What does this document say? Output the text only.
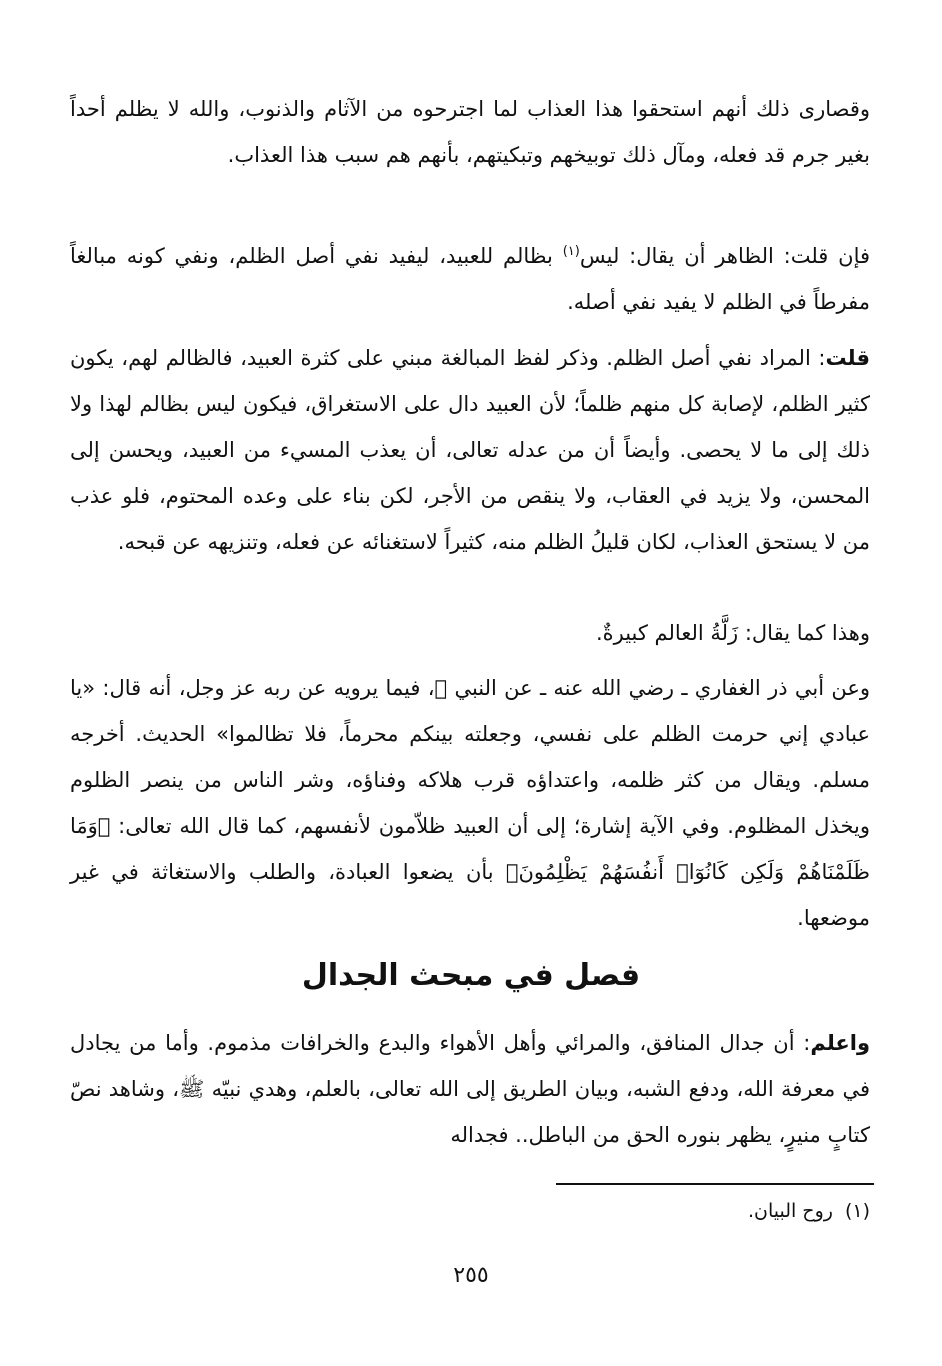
وقصارى ذلك أنهم استحقوا هذا العذاب لما اجترحوه من الآثام والذنوب، والله لا يظلم أحداً بغير جرم قد فعله، ومآل ذلك توبيخهم وتبكيتهم، بأنهم هم سبب هذا العذاب.

فإن قلت: الظاهر أن يقال: ليس$^{(١)}$ بظالم للعبيد، ليفيد نفي أصل الظلم، ونفي كونه مبالغاً مفرطاً في الظلم لا يفيد نفي أصله.

قلت: المراد نفي أصل الظلم. وذكر لفظ المبالغة مبني على كثرة العبيد، فالظالم لهم، يكون كثير الظلم، لإصابة كل منهم ظلماً؛ لأن العبيد دال على الاستغراق، فيكون ليس بظالم لهذا ولا ذلك إلى ما لا يحصى. وأيضاً أن من عدله تعالى، أن يعذب المسيء من العبيد، ويحسن إلى المحسن، ولا يزيد في العقاب، ولا ينقص من الأجر، لكن بناء على وعده المحتوم، فلو عذب من لا يستحق العذاب، لكان قليلُ الظلم منه، كثيراً لاستغنائه عن فعله، وتنزيهه عن قبحه.

وهذا كما يقال: زَلَّةُ العالم كبيرةٌ.

وعن أبي ذر الغفاري ـ رضي الله عنه ـ عن النبي ﷺ، فيما يرويه عن ربه عز وجل، أنه قال: «يا عبادي إني حرمت الظلم على نفسي، وجعلته بينكم محرماً، فلا تظالموا» الحديث. أخرجه مسلم. ويقال من كثر ظلمه، واعتداؤه قرب هلاكه وفناؤه، وشر الناس من ينصر الظلوم ويخذل المظلوم. وفي الآية إشارة؛ إلى أن العبيد ظلاّمون لأنفسهم، كما قال الله تعالى: ﴿وَمَا ظَلَمْنَاهُمْ وَلَكِن كَانُوٓا۟ أَنفُسَهُمْ يَظْلِمُونَ﴾ بأن يضعوا العبادة، والطلب والاستغاثة في غير موضعها.

فصل في مبحث الجدال

واعلم: أن جدال المنافق، والمرائي وأهل الأهواء والبدع والخرافات مذموم. وأما من يجادل في معرفة الله، ودفع الشبه، وبيان الطريق إلى الله تعالى، بالعلم، وهدي نبيّه ﷺ، وشاهد نصّ كتابٍ منيرٍ، يظهر بنوره الحق من الباطل.. فجداله

(١)روح البيان.

٢٥٥
